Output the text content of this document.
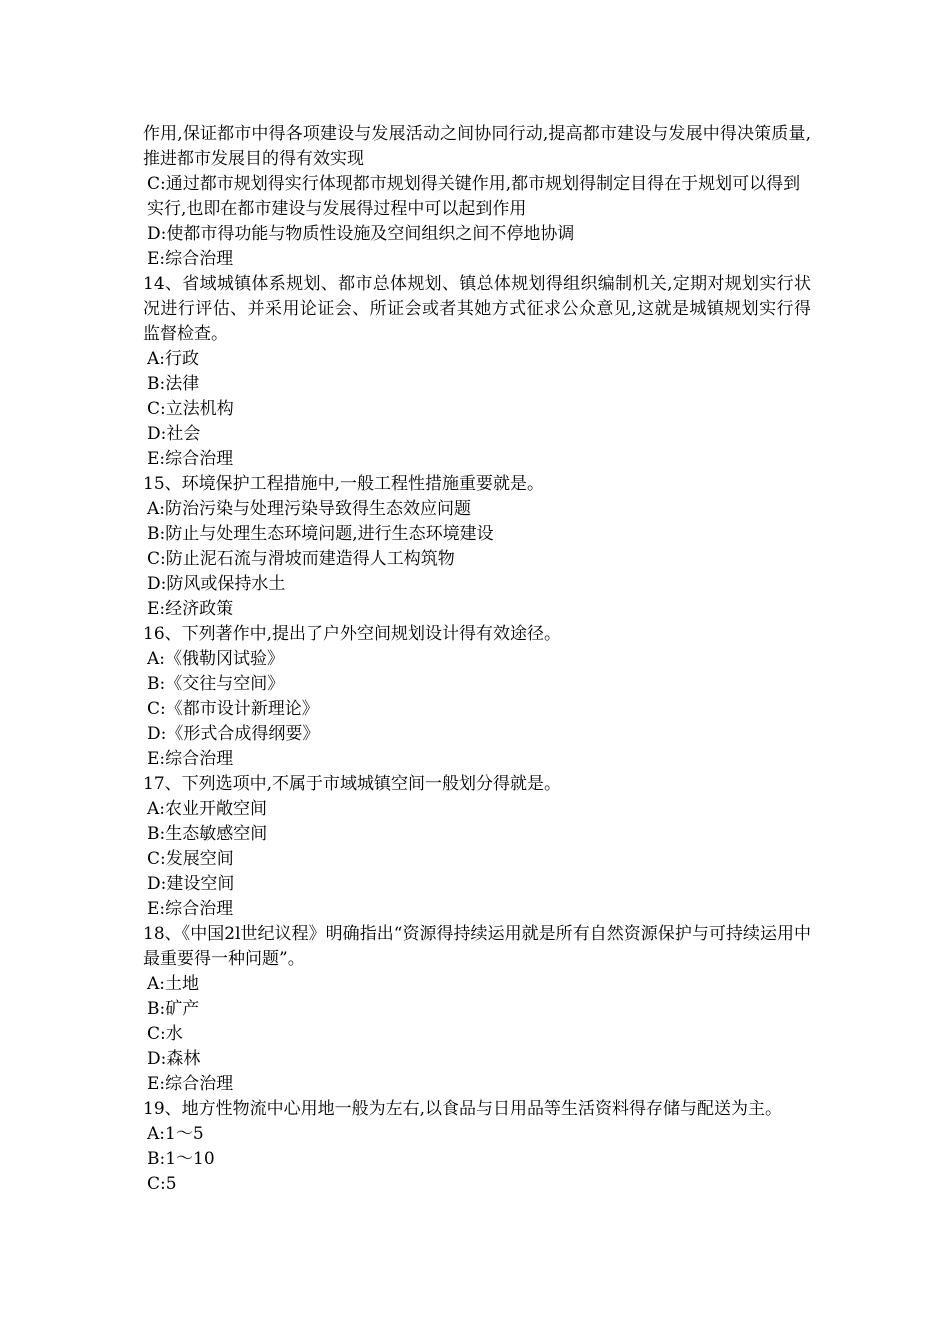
作用,保证都市中得各项建设与发展活动之间协同行动,提高都市建设与发展中得决策质量,推进都市发展目的得有效实现
C:通过都市规划得实行体现都市规划得关键作用,都市规划得制定目得在于规划可以得到实行,也即在都市建设与发展得过程中可以起到作用
D:使都市得功能与物质性设施及空间组织之间不停地协调
E:综合治理
14、省域城镇体系规划、都市总体规划、镇总体规划得组织编制机关,定期对规划实行状况进行评估、并采用论证会、所证会或者其她方式征求公众意见,这就是城镇规划实行得监督检查。
A:行政
B:法律
C:立法机构
D:社会
E:综合治理
15、环境保护工程措施中,一般工程性措施重要就是。
A:防治污染与处理污染导致得生态效应问题
B:防止与处理生态环境问题,进行生态环境建设
C:防止泥石流与滑坡而建造得人工构筑物
D:防风或保持水土
E:经济政策
16、下列著作中,提出了户外空间规划设计得有效途径。
A:《俄勒冈试验》
B:《交往与空间》
C:《都市设计新理论》
D:《形式合成得纲要》
E:综合治理
17、下列选项中,不属于市域城镇空间一般划分得就是。
A:农业开敞空间
B:生态敏感空间
C:发展空间
D:建设空间
E:综合治理
18、《中国2l世纪议程》明确指出“资源得持续运用就是所有自然资源保护与可持续运用中最重要得一种问题”。
A:土地
B:矿产
C:水
D:森林
E:综合治理
19、地方性物流中心用地一般为左右,以食品与日用品等生活资料得存储与配送为主。
A:1～5
B:1～10
C:5
